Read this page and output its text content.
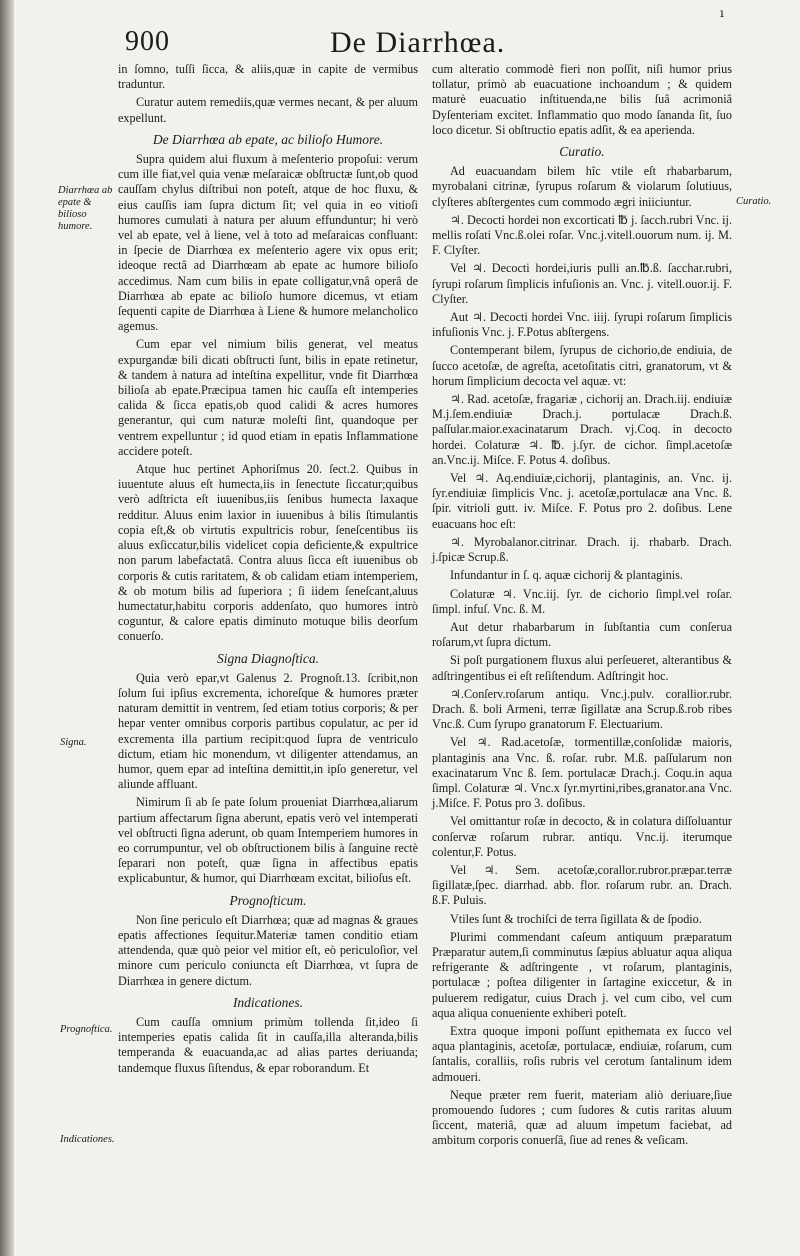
ı
900	De Diarrhœa.
Diarrhœa ab epate & bilioso humore.
Signa.
Prognoftica.
Indicationes.
Curatio.

in ſomno, tuſſi ſicca, & aliis,quæ in capite de vermibus traduntur.

Curatur autem remediis,quæ vermes necant, & per aluum expellunt.

De Diarrhœa ab epate, ac bilioſo Humore.

Supra quidem alui fluxum à meſenterio propoſui: verum cum ille fiat,vel quia venæ meſaraicæ obſtructæ ſunt,ob quod cauſſam chylus diſtribui non poteſt, atque de hoc fluxu, & eius cauſſis iam ſupra dictum ſit; vel quia in eo vitioſi humores cumulati à natura per aluum effunduntur; hi verò vel ab epate, vel à liene, vel à toto ad meſaraicas confluant: in ſpecie de Diarrhœa ex meſenterio agere vix opus erit; ideoque rectâ ad Diarrhœam ab epate ac humore bilioſo accedimus. Nam cum bilis in epate colligatur,vnâ operâ de Diarrhœa ab epate ac bilioſo humore dicemus, vt etiam ſequenti capite de Diarrhœa à Liene & humore melancholico agemus.

Cum epar vel nimium bilis generat, vel meatus expurgandæ bili dicati obſtructi ſunt, bilis in epate retinetur, & tandem à natura ad inteſtina expellitur, vnde fit Diarrhœa bilioſa ab epate.Præcipua tamen hic cauſſa eſt intemperies calida & ſicca epatis,ob quod calidi & acres humores generantur, qui cum naturæ moleſti ſint, quandoque per ventrem expelluntur ; id quod etiam in epatis Inflammatione accidere poteſt.

Atque huc pertinet Aphoriſmus 20. ſect.2. Quibus in iuuentute aluus eſt humecta,iis in ſenectute ſiccatur;quibus verò adſtricta eſt iuuenibus,iis ſenibus humecta laxaque redditur. Aluus enim laxior in iuuenibus à bilis ſtimulantis copia eſt,& ob virtutis expultricis robur, ſeneſcentibus iis aluus exſiccatur,bilis videlicet copia deficiente,& expultrice non parum labefactatâ. Contra aluus ſicca eſt iuuenibus ob corporis & cutis raritatem, & ob calidam etiam intemperiem, & ob motum bilis ad ſuperiora ; ſi iidem ſeneſcant,aluus humectatur,habitu corporis addenſato, quo humores intrò coguntur, & calore epatis diminuto motuque bilis deorſum conuerſo.

Signa Diagnoſtica.

Quia verò epar,vt Galenus 2. Prognoſt.13. ſcribit,non ſolum ſui ipſius excrementa, ichoreſque & humores præter naturam demittit in ventrem, ſed etiam totius corporis; & per hepar venter omnibus corporis partibus copulatur, ac per id excrementa illa partium recipit:quod ſupra de ventriculo dictum, etiam hic monendum, vt diligenter attendamus, an humor, quem epar ad inteſtina demittit,in ipſo generetur, vel aliunde affluant.

Nimirum ſi ab ſe pate ſolum proueniat Diarrhœa,aliarum partium affectarum ſigna aberunt, epatis verò vel intemperati vel obſtructi ſigna aderunt, ob quam Intemperiem humores in eo corrumpuntur, vel ob obſtructionem bilis à ſanguine rectè ſeparari non poteſt, quæ ſigna in affectibus epatis explicabuntur, & humor, qui Diarrhœam excitat, bilioſus eſt.

Prognoſticum.

Non ſine periculo eſt Diarrhœa; quæ ad magnas & graues epatis affectiones ſequitur.Materiæ tamen conditio etiam attendenda, quæ quò peior vel mitior eſt, eò periculoſior, vel minore cum periculo coniuncta eſt Diarrhœa, vt ſupra de Diarrhœa in genere dictum.

Indicationes.

Cum cauſſa omnium primùm tollenda ſit,ideo ſi intemperies epatis calida ſit in cauſſa,illa alteranda,bilis temperanda & euacuanda,ac ad alias partes deriuanda; tandemque fluxus ſiſtendus, & epar roborandum. Et

cum alteratio commodè fieri non poſſit, niſi humor prius tollatur, primò ab euacuatione inchoandum ; & quidem maturè euacuatio inſtituenda,ne bilis ſuâ acrimoniâ Dyſenteriam excitet. Inflammatio quo modo ſananda ſit, ſuo loco dicetur. Si obſtructio epatis adſit, & ea aperienda.

Curatio.

Ad euacuandam bilem hîc vtile eſt rhabarbarum, myrobalani citrinæ, ſyrupus roſarum & violarum ſolutiuus, clyſteres abſtergentes cum commodo ægri iniiciuntur.

♃. Decocti hordei non excorticati ℔ j. ſacch.rubri Vnc. ij. mellis roſati Vnc.ß.olei roſar. Vnc.j.vitell.ouorum num. ij. M. F. Clyſter.

Vel ♃. Decocti hordei,iuris pulli an.℔.ß. ſacchar.rubri, ſyrupi roſarum ſimplicis infuſionis an. Vnc. j. vitell.ouor.ij. F. Clyſter.

Aut ♃. Decocti hordei Vnc. iiij. ſyrupi roſarum ſimplicis infuſionis Vnc. j. F.Potus abſtergens.

Contemperant bilem, ſyrupus de cichorio,de endiuia, de ſucco acetoſæ, de agreſta, acetoſitatis citri, granatorum, vt & horum ſimplicium decocta vel aquæ. vt:

♃. Rad. acetoſæ, fragariæ , cichorij an. Drach.iij. endiuiæ M.j.ſem.endiuiæ Drach.j. portulacæ Drach.ß. paſſular.maior.exacinatarum Drach. vj.Coq. in decocto hordei. Colaturæ ♃. ℔. j.ſyr. de cichor. ſimpl.acetoſæ an.Vnc.ij. Miſce. F. Potus 4. doſibus.

Vel ♃. Aq.endiuiæ,cichorij, plantaginis, an. Vnc. ij. ſyr.endiuiæ ſimplicis Vnc. j. acetoſæ,portulacæ ana Vnc. ß. ſpir. vitrioli gutt. iv. Miſce. F. Potus pro 2. doſibus. Lene euacuans hoc eſt:

♃. Myrobalanor.citrinar. Drach. ij. rhabarb. Drach. j.ſpicæ Scrup.ß.

Infundantur in ſ. q. aquæ cichorij & plantaginis.

Colaturæ ♃. Vnc.iij. ſyr. de cichorio ſimpl.vel roſar. ſimpl. infuſ. Vnc. ß. M.

Aut detur rhabarbarum in ſubſtantia cum conſerua roſarum,vt ſupra dictum.

Si poſt purgationem fluxus alui perſeueret, alterantibus & adſtringentibus ei eſt reſiſtendum. Adſtringit hoc.

♃.Conſerv.roſarum antiqu. Vnc.j.pulv. corallior.rubr. Drach. ß. boli Armeni, terræ ſigillatæ ana Scrup.ß.rob ribes Vnc.ß. Cum ſyrupo granatorum F. Electuarium.

Vel ♃. Rad.acetoſæ, tormentillæ,conſolidæ maioris, plantaginis ana Vnc. ß. roſar. rubr. M.ß. paſſularum non exacinatarum Vnc ß. ſem. portulacæ Drach.j. Coqu.in aqua ſimpl. Colaturæ ♃. Vnc.x ſyr.myrtini,ribes,granator.ana Vnc. j.Miſce. F. Potus pro 3. doſibus.

Vel omittantur roſæ in decocto, & in colatura diſſoluantur conſervæ roſarum rubrar. antiqu. Vnc.ij. iterumque colentur,F. Potus.

Vel ♃. Sem. acetoſæ,corallor.rubror.præpar.terræ ſigillatæ,ſpec. diarrhad. abb. flor. roſarum rubr. an. Drach. ß.F. Puluis.

Vtiles ſunt & trochiſci de terra ſigillata & de ſpodio.

Plurimi commendant caſeum antiquum præparatum Præparatur autem,ſi comminutus ſæpius abluatur aqua aliqua refrigerante & adſtringente , vt roſarum, plantaginis, portulacæ ; poſtea diligenter in ſartagine exiccetur, & in puluerem redigatur, cuius Drach j. vel cum cibo, vel cum aqua aliqua conueniente exhiberi poteſt.

Extra quoque imponi poſſunt epithemata ex ſucco vel aqua plantaginis, acetoſæ, portulacæ, endiuiæ, roſarum, cum ſantalis, coralliis, roſis rubris vel cerotum ſantalinum idem admoueri.

Neque præter rem fuerit, materiam aliò deriuare,ſiue promouendo ſudores ; cum ſudores & cutis raritas aluum ſiccent, materiâ, quæ ad aluum impetum faciebat, ad ambitum corporis conuerſâ, ſiue ad renes & veſicam.
